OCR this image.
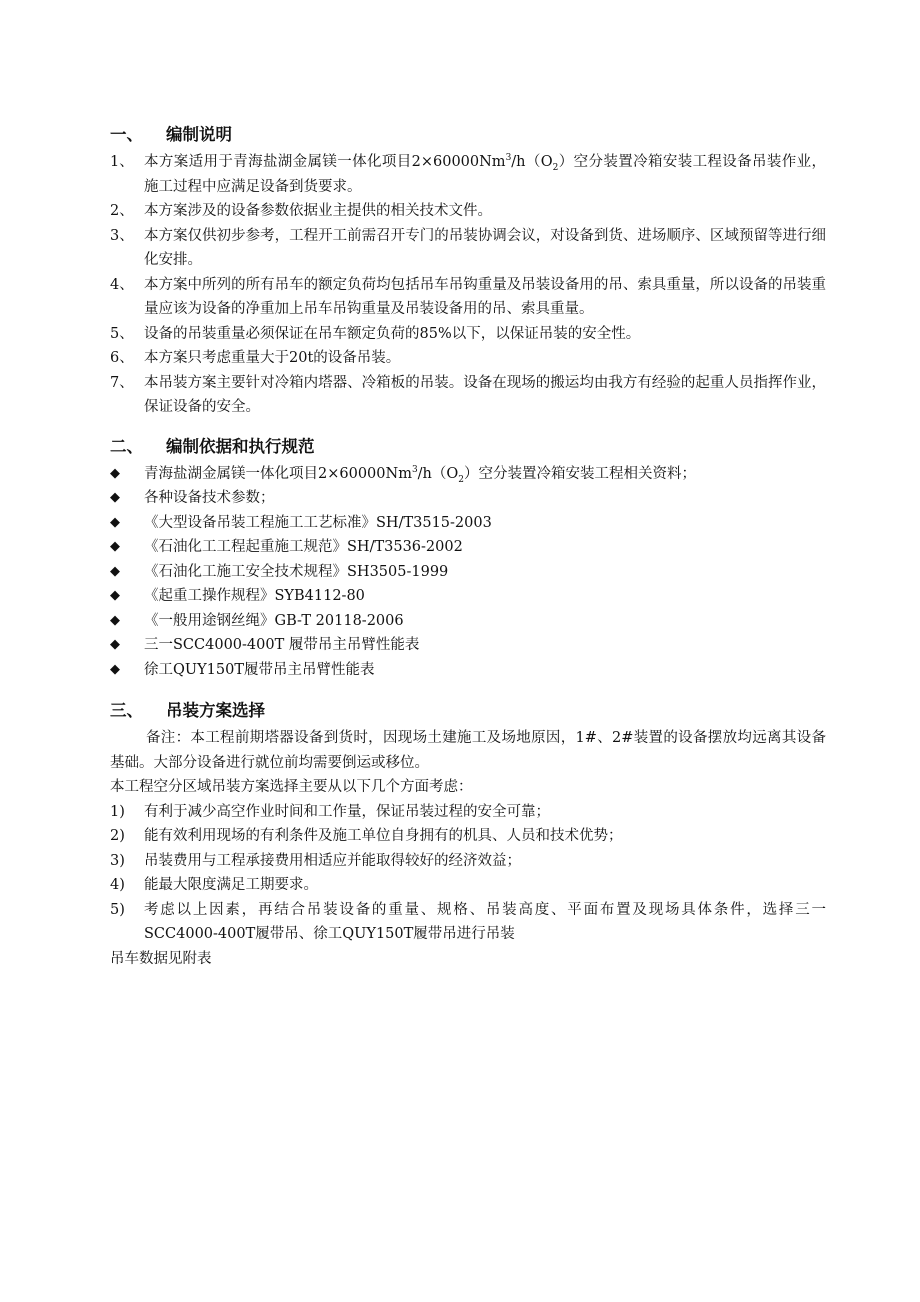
一、	编制说明
1、 本方案适用于青海盐湖金属镁一体化项目$2\times 60000Nm^3/h(O_2)$空分装置冷箱安装工程设备吊装作业，施工过程中应满足设备到货要求。
2、 本方案涉及的设备参数依据业主提供的相关技术文件。
3、 本方案仅供初步参考，工程开工前需召开专门的吊装协调会议，对设备到货、进场顺序、区域预留等进行细化安排。
4、 本方案中所列的所有吊车的额定负荷均包括吊车吊钩重量及吊装设备用的吊、索具重量，所以设备的吊装重量应该为设备的净重加上吊车吊钩重量及吊装设备用的吊、索具重量。
5、 设备的吊装重量必须保证在吊车额定负荷的85%以下，以保证吊装的安全性。
6、 本方案只考虑重量大于20t的设备吊装。
7、 本吊装方案主要针对冷箱内塔器、冷箱板的吊装。设备在现场的搬运均由我方有经验的起重人员指挥作业，保证设备的安全。
二、	编制依据和执行规范
◆	青海盐湖金属镁一体化项目$2\times 60000Nm^3/h(O_2)$空分装置冷箱安装工程相关资料；
◆	各种设备技术参数；
◆	《大型设备吊装工程施工工艺标准》SH/T3515-2003
◆	《石油化工工程起重施工规范》SH/T3536-2002
◆	《石油化工施工安全技术规程》SH3505-1999
◆	《起重工操作规程》SYB4112-80
◆	《一般用途钢丝绳》GB-T 20118-2006
◆	三一SCC4000-400T 履带吊主吊臂性能表
◆	徐工QUY150T履带吊主吊臂性能表
三、	吊装方案选择
备注：本工程前期塔器设备到货时，因现场土建施工及场地原因，1#、2#装置的设备摆放均远离其设备基础。大部分设备进行就位前均需要倒运或移位。
本工程空分区域吊装方案选择主要从以下几个方面考虑：
1)	有利于减少高空作业时间和工作量，保证吊装过程的安全可靠；
2)	能有效利用现场的有利条件及施工单位自身拥有的机具、人员和技术优势；
3)	吊装费用与工程承接费用相适应并能取得较好的经济效益；
4)	能最大限度满足工期要求。
5)	考虑以上因素，再结合吊装设备的重量、规格、吊装高度、平面布置及现场具体条件，选择三一SCC4000-400T履带吊、徐工QUY150T履带吊进行吊装
吊车数据见附表
